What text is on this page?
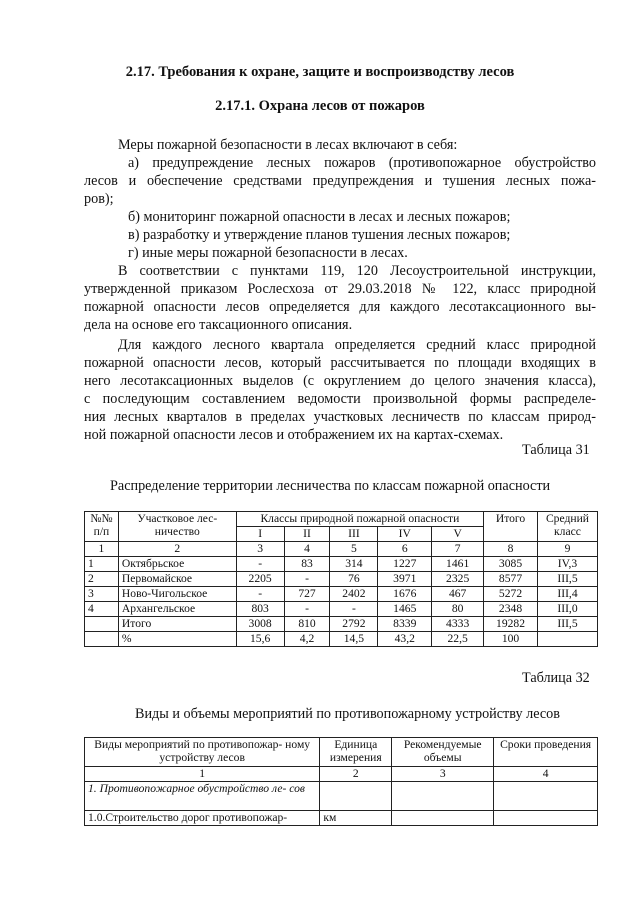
2.17. Требования к охране, защите и воспроизводству лесов
2.17.1. Охрана лесов от пожаров
Меры пожарной безопасности в лесах включают в себя:
а) предупреждение лесных пожаров (противопожарное обустройство
лесов и обеспечение средствами предупреждения и тушения лесных пожа-
ров);
б) мониторинг пожарной опасности в лесах и лесных пожаров;
в) разработку и утверждение планов тушения лесных пожаров;
г) иные меры пожарной безопасности в лесах.
В соответствии с пунктами 119, 120 Лесоустроительной инструкции,
утвержденной приказом Рослесхоза от 29.03.2018 № 122, класс природной
пожарной опасности лесов определяется для каждого лесотаксационного вы-
дела на основе его таксационного описания.
Для каждого лесного квартала определяется средний класс природной
пожарной опасности лесов, который рассчитывается по площади входящих в
него лесотаксационных выделов (с округлением до целого значения класса),
с последующим составлением ведомости произвольной формы распределе-
ния лесных кварталов в пределах участковых лесничеств по классам природ-
ной пожарной опасности лесов и отображением их на картах-схемах.
Таблица 31
Распределение территории лесничества по классам пожарной опасности
№№ п/п	Участковое лес- ничество	Классы природной пожарной опасности					Итого	Средний класс
		I	II	III	IV	V		
1	2	3	4	5	6	7	8	9
1	Октябрьское	-	83	314	1227	1461	3085	IV,3
2	Первомайское	2205	-	76	3971	2325	8577	III,5
3	Ново-Чигольское	-	727	2402	1676	467	5272	III,4
4	Архангельское	803	-	-	1465	80	2348	III,0
	Итого	3008	810	2792	8339	4333	19282	III,5
	%	15,6	4,2	14,5	43,2	22,5	100	
Таблица 32
Виды и объемы мероприятий по противопожарному устройству лесов
Виды мероприятий по противопожар- ному устройству лесов	Единица измерения	Рекомендуемые объемы	Сроки проведения
1	2	3	4
1. Противопожарное обустройство ле- сов			
1.0.Строительство дорог противопожар-	км		
